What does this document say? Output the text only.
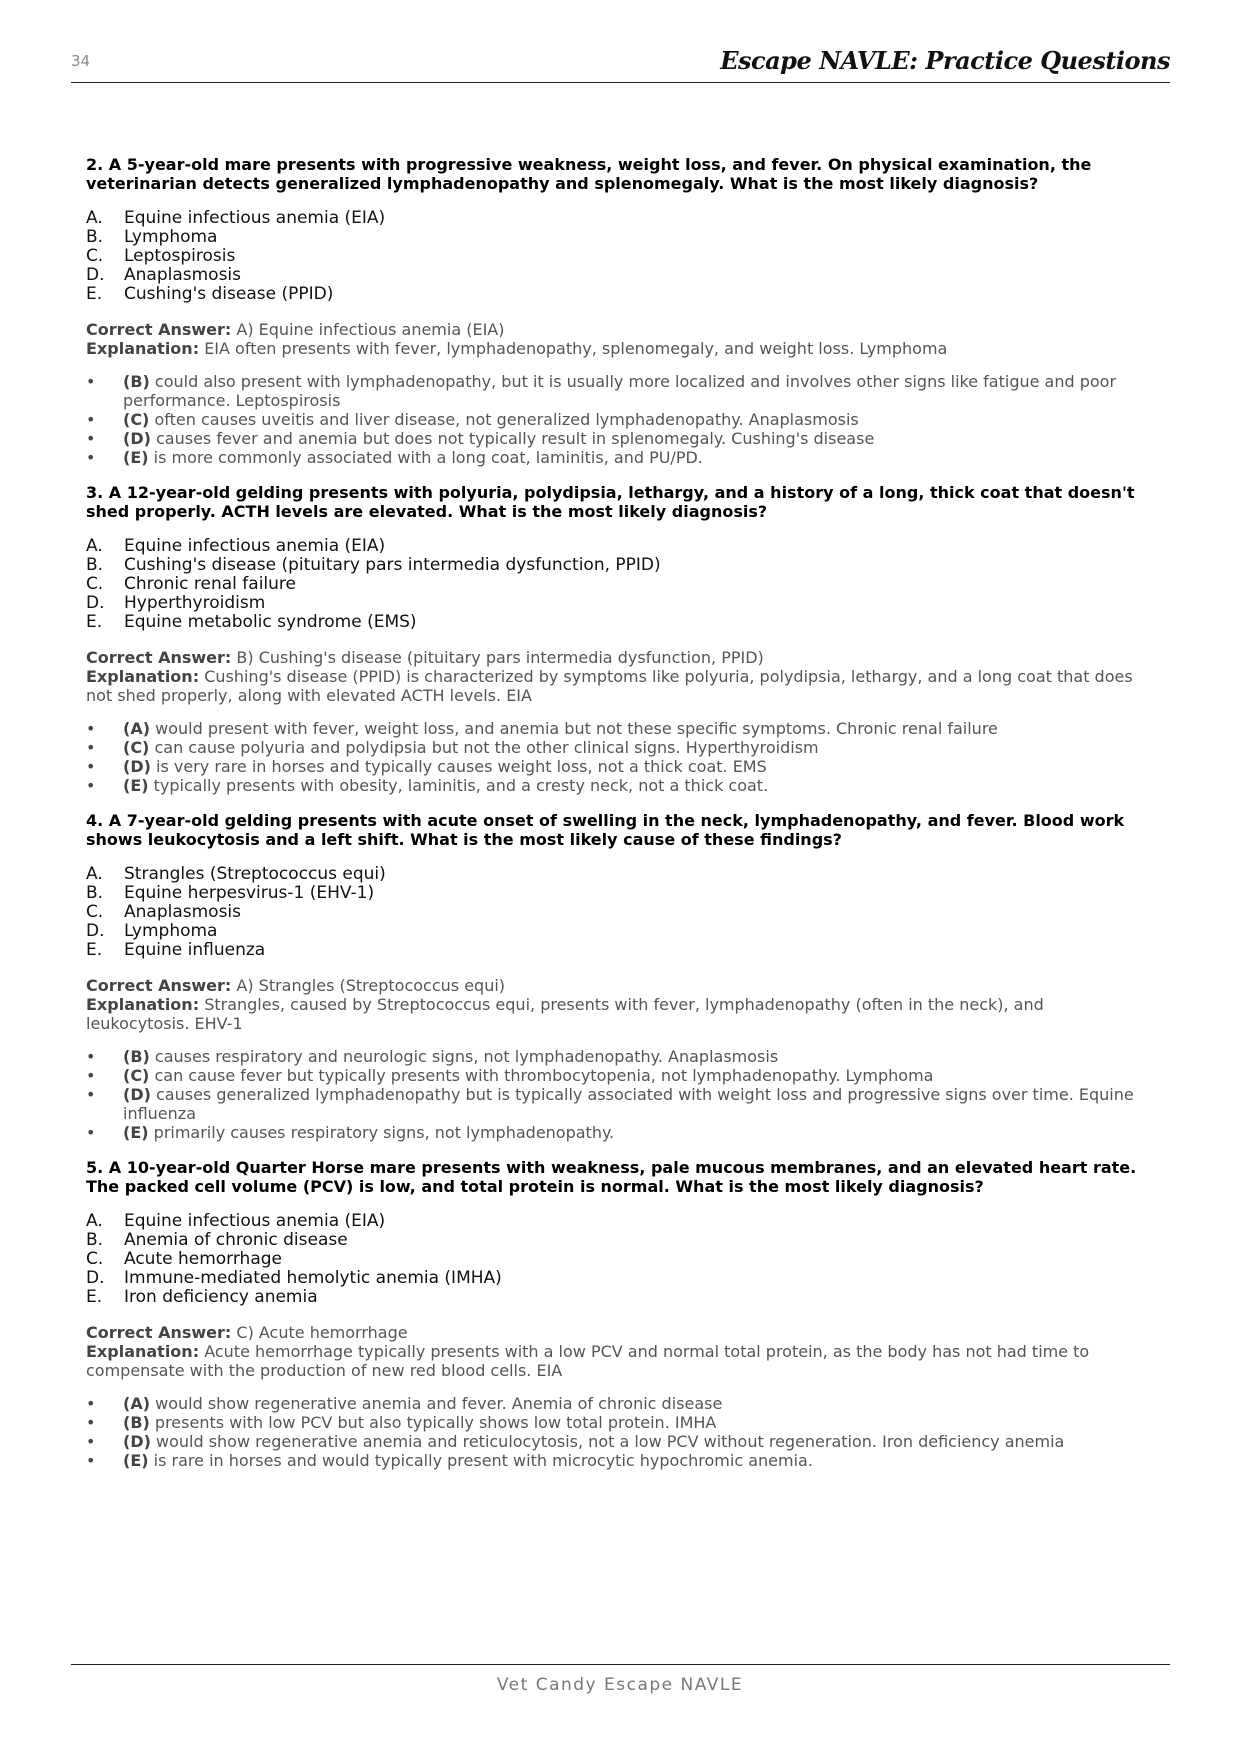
34	Escape NAVLE: Practice Questions

2. A 5-year-old mare presents with progressive weakness, weight loss, and fever. On physical examination, the veterinarian detects generalized lymphadenopathy and splenomegaly. What is the most likely diagnosis?

A.	Equine infectious anemia (EIA)
B.	Lymphoma
C.	Leptospirosis
D.	Anaplasmosis
E.	Cushing's disease (PPID)
Correct Answer: A) Equine infectious anemia (EIA)
Explanation: EIA often presents with fever, lymphadenopathy, splenomegaly, and weight loss. Lymphoma
•	(B) could also present with lymphadenopathy, but it is usually more localized and involves other signs like fatigue and poor performance. Leptospirosis
•	(C) often causes uveitis and liver disease, not generalized lymphadenopathy. Anaplasmosis
•	(D) causes fever and anemia but does not typically result in splenomegaly. Cushing's disease
•	(E) is more commonly associated with a long coat, laminitis, and PU/PD.

3. A 12-year-old gelding presents with polyuria, polydipsia, lethargy, and a history of a long, thick coat that doesn't shed properly. ACTH levels are elevated. What is the most likely diagnosis?

A.	Equine infectious anemia (EIA)
B.	Cushing's disease (pituitary pars intermedia dysfunction, PPID)
C.	Chronic renal failure
D.	Hyperthyroidism
E.	Equine metabolic syndrome (EMS)
Correct Answer: B) Cushing's disease (pituitary pars intermedia dysfunction, PPID)
Explanation: Cushing's disease (PPID) is characterized by symptoms like polyuria, polydipsia, lethargy, and a long coat that does not shed properly, along with elevated ACTH levels. EIA
•	(A) would present with fever, weight loss, and anemia but not these specific symptoms. Chronic renal failure
•	(C) can cause polyuria and polydipsia but not the other clinical signs. Hyperthyroidism
•	(D) is very rare in horses and typically causes weight loss, not a thick coat. EMS
•	(E) typically presents with obesity, laminitis, and a cresty neck, not a thick coat.

4. A 7-year-old gelding presents with acute onset of swelling in the neck, lymphadenopathy, and fever. Blood work shows leukocytosis and a left shift. What is the most likely cause of these findings?

A.	Strangles (Streptococcus equi)
B.	Equine herpesvirus-1 (EHV-1)
C.	Anaplasmosis
D.	Lymphoma
E.	Equine influenza
Correct Answer: A) Strangles (Streptococcus equi)
Explanation: Strangles, caused by Streptococcus equi, presents with fever, lymphadenopathy (often in the neck), and leukocytosis. EHV-1
•	(B) causes respiratory and neurologic signs, not lymphadenopathy. Anaplasmosis
•	(C) can cause fever but typically presents with thrombocytopenia, not lymphadenopathy. Lymphoma
•	(D) causes generalized lymphadenopathy but is typically associated with weight loss and progressive signs over time. Equine influenza
•	(E) primarily causes respiratory signs, not lymphadenopathy.

5. A 10-year-old Quarter Horse mare presents with weakness, pale mucous membranes, and an elevated heart rate. The packed cell volume (PCV) is low, and total protein is normal. What is the most likely diagnosis?

A.	Equine infectious anemia (EIA)
B.	Anemia of chronic disease
C.	Acute hemorrhage
D.	Immune-mediated hemolytic anemia (IMHA)
E.	Iron deficiency anemia
Correct Answer: C) Acute hemorrhage
Explanation: Acute hemorrhage typically presents with a low PCV and normal total protein, as the body has not had time to compensate with the production of new red blood cells. EIA
•	(A) would show regenerative anemia and fever. Anemia of chronic disease
•	(B) presents with low PCV but also typically shows low total protein. IMHA
•	(D) would show regenerative anemia and reticulocytosis, not a low PCV without regeneration. Iron deficiency anemia
•	(E) is rare in horses and would typically present with microcytic hypochromic anemia.
Vet Candy Escape NAVLE
